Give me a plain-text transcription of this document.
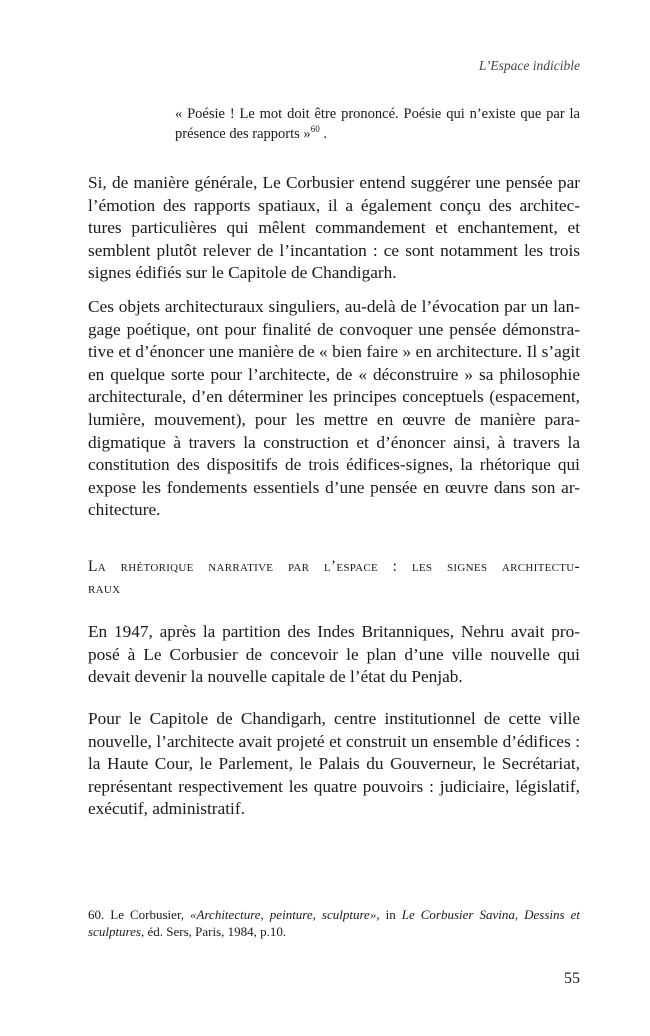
L’Espace indicible
« Poésie ! Le mot doit être prononcé. Poésie qui n’existe que par la
présence des rapports »$^{60}$ .
Si, de manière générale, Le Corbusier entend suggérer une pensée par
l’émotion des rapports spatiaux, il a également conçu des architec-
tures particulières qui mêlent commandement et enchantement, et
semblent plutôt relever de l’incantation : ce sont notamment les trois
signes édifiés sur le Capitole de Chandigarh.
Ces objets architecturaux singuliers, au-delà de l’évocation par un lan-
gage poétique, ont pour finalité de convoquer une pensée démonstra-
tive et d’énoncer une manière de « bien faire » en architecture. Il s’agit
en quelque sorte pour l’architecte, de « déconstruire » sa philosophie
architecturale, d’en déterminer les principes conceptuels (espacement,
lumière, mouvement), pour les mettre en œuvre de manière para-
digmatique à travers la construction et d’énoncer ainsi, à travers la
constitution des dispositifs de trois édifices-signes, la rhétorique qui
expose les fondements essentiels d’une pensée en œuvre dans son ar-
chitecture.
La rhétorique narrative par l’espace : les signes architectu-
raux
En 1947, après la partition des Indes Britanniques, Nehru avait pro-
posé à Le Corbusier de concevoir le plan d’une ville nouvelle qui
devait devenir la nouvelle capitale de l’état du Penjab.
Pour le Capitole de Chandigarh, centre institutionnel de cette ville
nouvelle, l’architecte avait projeté et construit un ensemble d’édifices :
la Haute Cour, le Parlement, le Palais du Gouverneur, le Secrétariat,
représentant respectivement les quatre pouvoirs : judiciaire, législatif,
exécutif, administratif.
60. Le Corbusier, «Architecture, peinture, sculpture», in Le Corbusier Savina, Dessins et
sculptures, éd. Sers, Paris, 1984, p.10.
55
